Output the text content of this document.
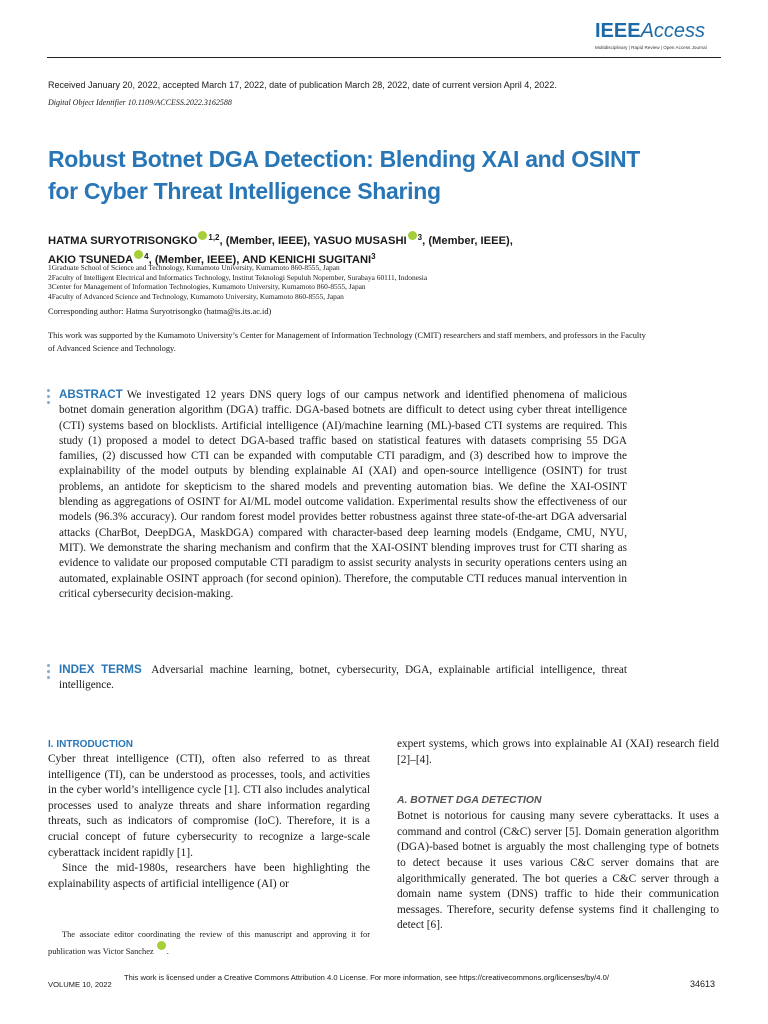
IEEEAccess
Multidisciplinary | Rapid Review | Open Access Journal
Received January 20, 2022, accepted March 17, 2022, date of publication March 28, 2022, date of current version April 4, 2022.
Digital Object Identifier 10.1109/ACCESS.2022.3162588
Robust Botnet DGA Detection: Blending XAI and OSINT for Cyber Threat Intelligence Sharing
HATMA SURYOTRISONGKO $^{1,2}$, (Member, IEEE), YASUO MUSASHI $^3$, (Member, IEEE),
AKIO TSUNEDA $^4$, (Member, IEEE), AND KENICHI SUGITANI$^3$
1Graduate School of Science and Technology, Kumamoto University, Kumamoto 860-8555, Japan
2Faculty of Intelligent Electrical and Informatics Technology, Institut Teknologi Sepuluh Nopember, Surabaya 60111, Indonesia
3Center for Management of Information Technologies, Kumamoto University, Kumamoto 860-8555, Japan
4Faculty of Advanced Science and Technology, Kumamoto University, Kumamoto 860-8555, Japan
Corresponding author: Hatma Suryotrisongko (hatma@is.its.ac.id)
This work was supported by the Kumamoto University’s Center for Management of Information Technology (CMIT) researchers and staff members, and professors in the Faculty of Advanced Science and Technology.

ABSTRACT We investigated 12 years DNS query logs of our campus network and identified phenomena of malicious botnet domain generation algorithm (DGA) traffic. DGA-based botnets are difficult to detect using cyber threat intelligence (CTI) systems based on blocklists. Artificial intelligence (AI)/machine learning (ML)-based CTI systems are required. This study (1) proposed a model to detect DGA-based traffic based on statistical features with datasets comprising 55 DGA families, (2) discussed how CTI can be expanded with computable CTI paradigm, and (3) described how to improve the explainability of the model outputs by blending explainable AI (XAI) and open-source intelligence (OSINT) for trust problems, an antidote for skepticism to the shared models and preventing automation bias. We define the XAI-OSINT blending as aggregations of OSINT for AI/ML model outcome validation. Experimental results show the effectiveness of our models (96.3% accuracy). Our random forest model provides better robustness against three state-of-the-art DGA adversarial attacks (CharBot, DeepDGA, MaskDGA) compared with character-based deep learning models (Endgame, CMU, NYU, MIT). We demonstrate the sharing mechanism and confirm that the XAI-OSINT blending improves trust for CTI sharing as evidence to validate our proposed computable CTI paradigm to assist security analysts in security operations centers using an automated, explainable OSINT approach (for second opinion). Therefore, the computable CTI reduces manual intervention in critical cybersecurity decision-making.

INDEX TERMS Adversarial machine learning, botnet, cybersecurity, DGA, explainable artificial intelligence, threat intelligence.

I. INTRODUCTION

Cyber threat intelligence (CTI), often also referred to as threat intelligence (TI), can be understood as processes, tools, and activities in the cyber world’s intelligence cycle [1]. CTI also includes analytical processes used to analyze threats and share information regarding threats, such as indicators of compromise (IoC). Therefore, it is a crucial concept of future cybersecurity to recognize a large-scale cyberattack incident rapidly [1].

Since the mid-1980s, researchers have been highlighting the explainability aspects of artificial intelligence (AI) or

The associate editor coordinating the review of this manuscript and approving it for publication was Victor Sanchez .

expert systems, which grows into explainable AI (XAI) research field [2]–[4].

A. BOTNET DGA DETECTION

Botnet is notorious for causing many severe cyberattacks. It uses a command and control (C&C) server [5]. Domain generation algorithm (DGA)-based botnet is arguably the most challenging type of botnets to detect because it uses various C&C server domains that are algorithmically generated. The bot queries a C&C server through a domain name system (DNS) traffic to hide their communication messages. Therefore, security defense systems find it challenging to detect [6].

VOLUME 10, 2022
This work is licensed under a Creative Commons Attribution 4.0 License. For more information, see https://creativecommons.org/licenses/by/4.0/
34613
